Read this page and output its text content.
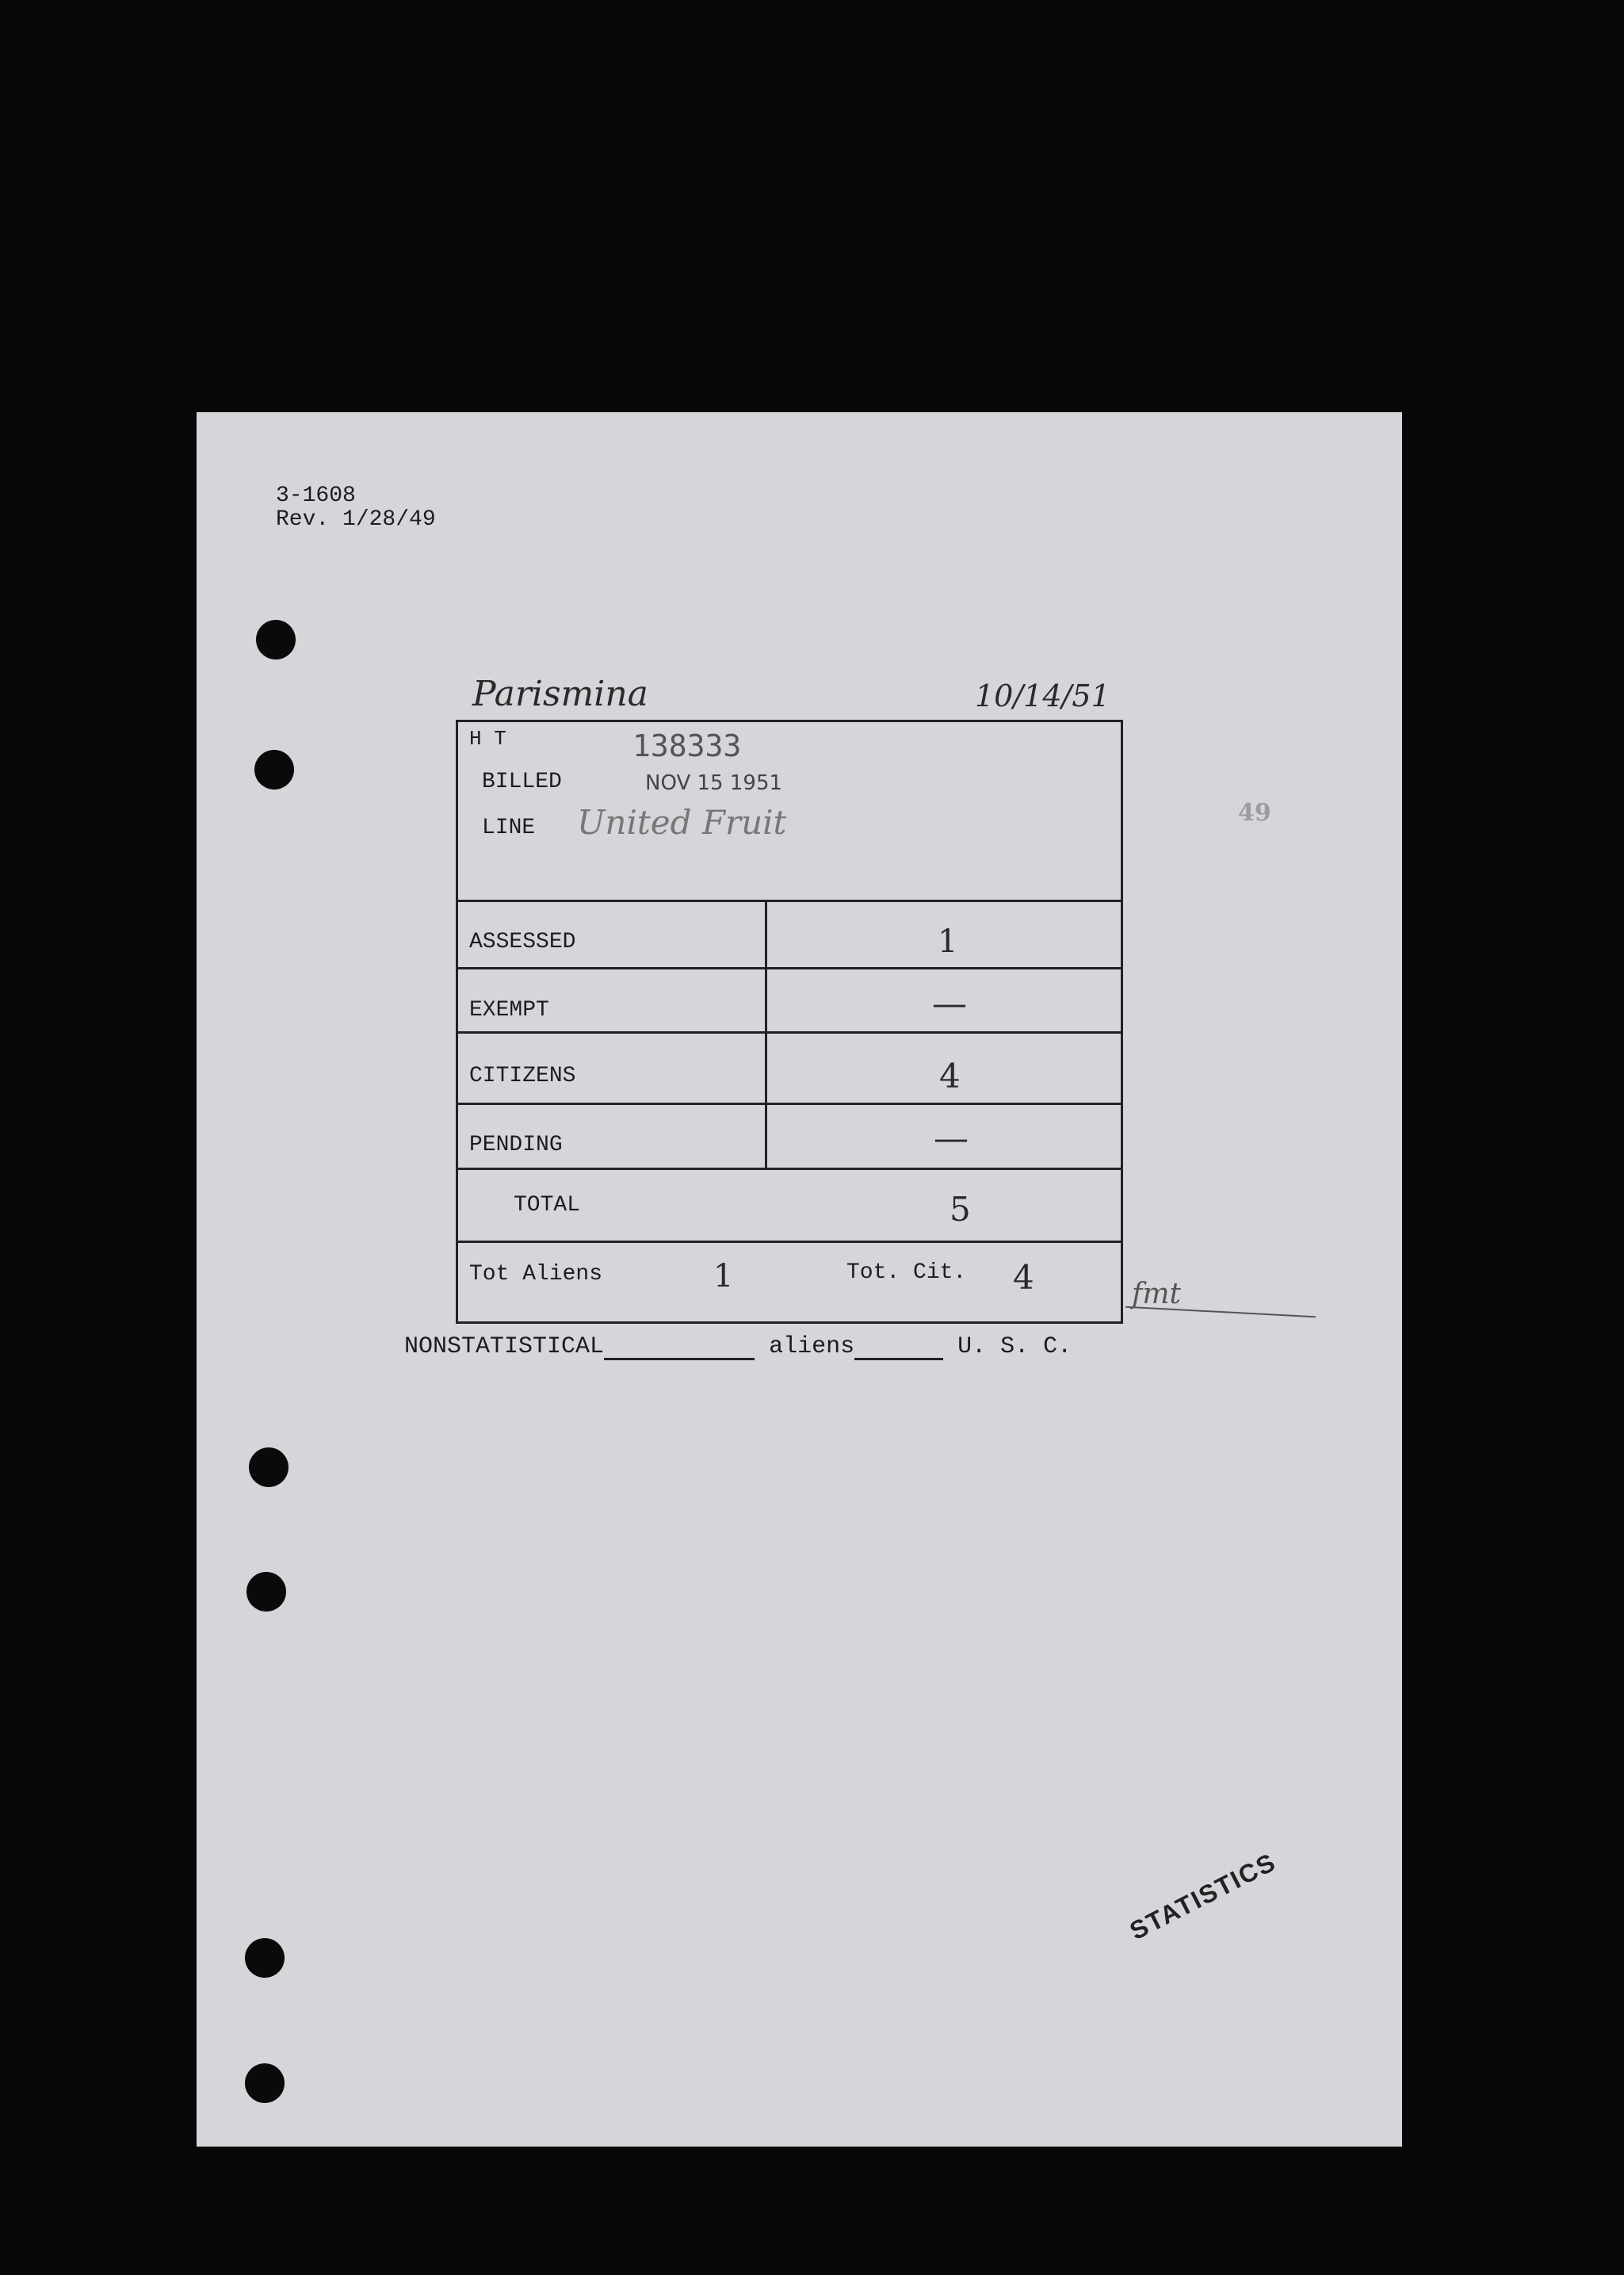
3-1608
Rev. 1/28/49
Parismina	10/14/51
49
H T	138333
BILLED	NOV 15 1951
LINE United Fruit
ASSESSED	1
EXEMPT	—
CITIZENS	4
PENDING	—
TOTAL	5
Tot Aliens	1	Tot. Cit. 4	fmt
NONSTATISTICAL	aliens	U. S. C.
STATISTICS
